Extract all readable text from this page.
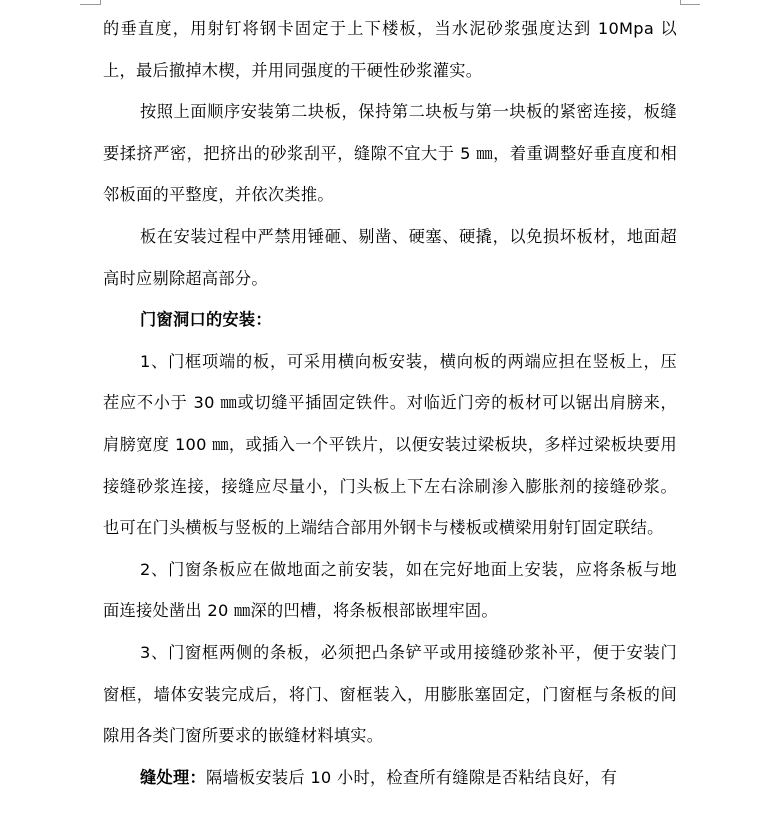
的垂直度，用射钉将钢卡固定于上下楼板，当水泥砂浆强度达到 10Mpa 以上，最后撤掉木楔，并用同强度的干硬性砂浆灌实。

按照上面顺序安装第二块板，保持第二块板与第一块板的紧密连接，板缝要揉挤严密，把挤出的砂浆刮平，缝隙不宜大于 5 ㎜，着重调整好垂直度和相邻板面的平整度，并依次类推。

板在安装过程中严禁用锤砸、剔凿、硬塞、硬撬，以免损坏板材，地面超高时应剔除超高部分。

门窗洞口的安装：

1、门框项端的板，可采用横向板安装，横向板的两端应担在竖板上，压茬应不小于 30 ㎜或切缝平插固定铁件。对临近门旁的板材可以锯出肩膀来，肩膀宽度 100 ㎜，或插入一个平铁片，以便安装过梁板块，多样过梁板块要用接缝砂浆连接，接缝应尽量小，门头板上下左右涂刷渗入膨胀剂的接缝砂浆。也可在门头横板与竖板的上端结合部用外钢卡与楼板或横梁用射钉固定联结。

2、门窗条板应在做地面之前安装，如在完好地面上安装，应将条板与地面连接处凿出 20 ㎜深的凹槽，将条板根部嵌埋牢固。

3、门窗框两侧的条板，必须把凸条铲平或用接缝砂浆补平，便于安装门窗框，墙体安装完成后，将门、窗框装入，用膨胀塞固定，门窗框与条板的间隙用各类门窗所要求的嵌缝材料填实。

缝处理：隔墙板安装后 10 小时，检查所有缝隙是否粘结良好，有
